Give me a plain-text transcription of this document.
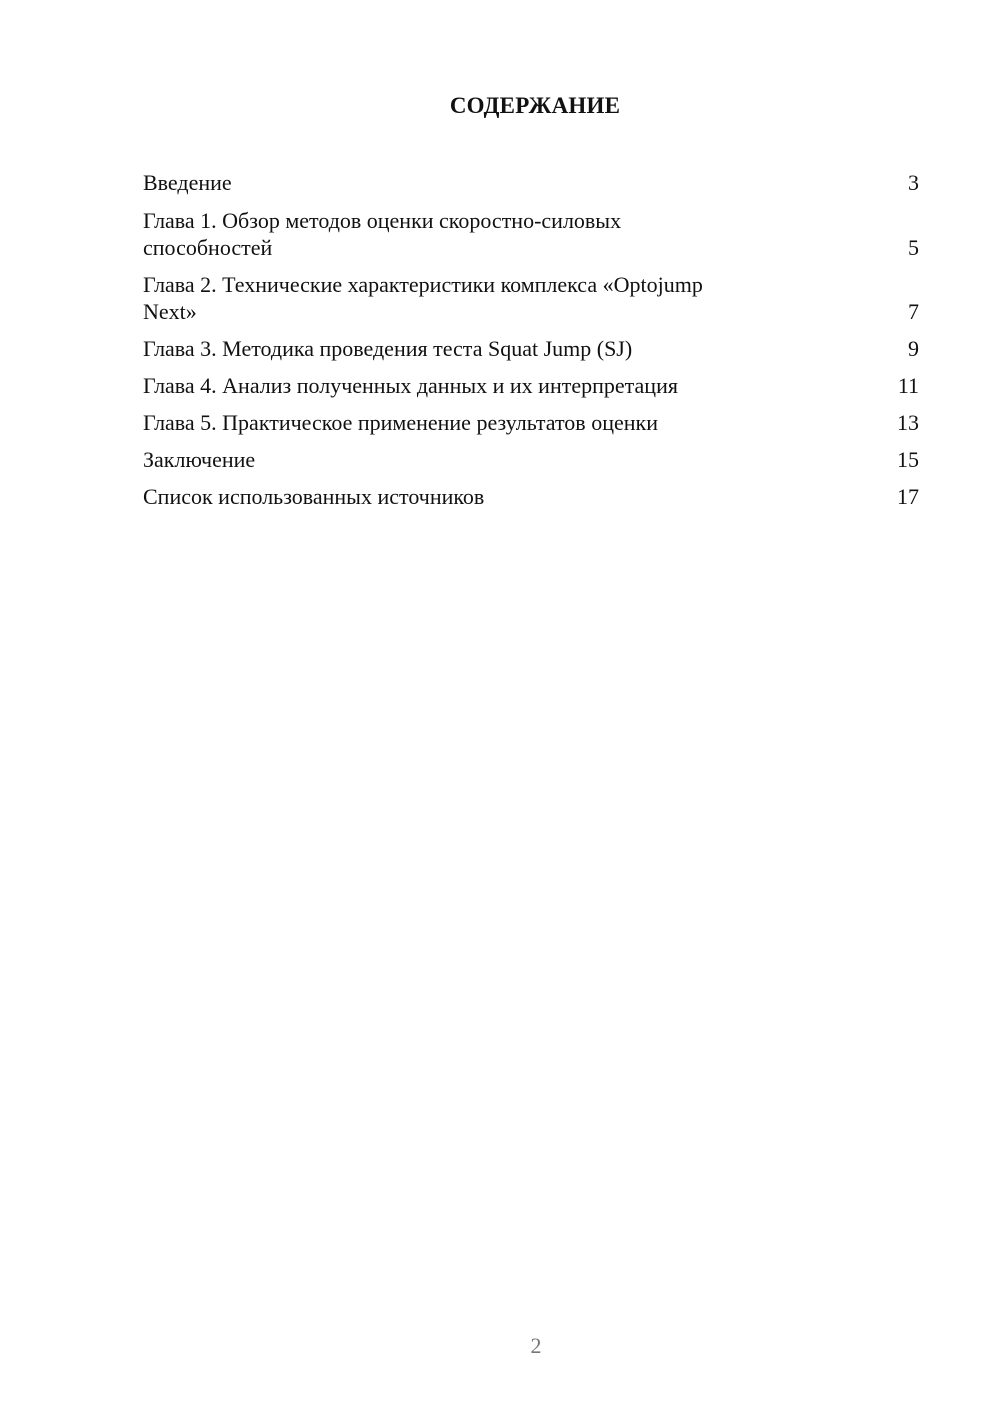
СОДЕРЖАНИЕ
Введение	3
Глава 1. Обзор методов оценки скоростно-силовых
способностей	5
Глава 2. Технические характеристики комплекса «Optojump
Next»	7
Глава 3. Методика проведения теста Squat Jump (SJ)	9
Глава 4. Анализ полученных данных и их интерпретация	11
Глава 5. Практическое применение результатов оценки	13
Заключение	15
Список использованных источников	17
2
